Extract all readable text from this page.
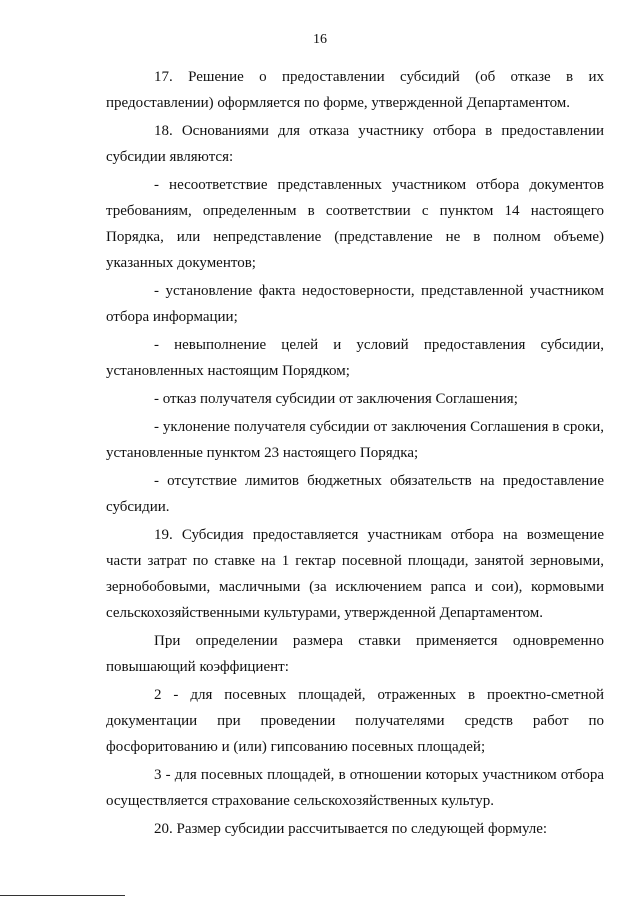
16

17. Решение о предоставлении субсидий (об отказе в их предоставлении) оформляется по форме, утвержденной Департаментом.

18. Основаниями для отказа участнику отбора в предоставлении субсидии являются:

- несоответствие представленных участником отбора документов требованиям, определенным в соответствии с пунктом 14 настоящего Порядка, или непредставление (представление не в полном объеме) указанных документов;

- установление факта недостоверности, представленной участником отбора информации;

- невыполнение целей и условий предоставления субсидии, установленных настоящим Порядком;

- отказ получателя субсидии от заключения Соглашения;

- уклонение получателя субсидии от заключения Соглашения в сроки, установленные пунктом 23 настоящего Порядка;

- отсутствие лимитов бюджетных обязательств на предоставление субсидии.

19. Субсидия предоставляется участникам отбора на возмещение части затрат по ставке на 1 гектар посевной площади, занятой зерновыми, зернобобовыми, масличными (за исключением рапса и сои), кормовыми сельскохозяйственными культурами, утвержденной Департаментом.

При определении размера ставки применяется одновременно повышающий коэффициент:

2 - для посевных площадей, отраженных в проектно-сметной документации при проведении получателями средств работ по фосфоритованию и (или) гипсованию посевных площадей;

3 - для посевных площадей, в отношении которых участником отбора осуществляется страхование сельскохозяйственных культур.

20. Размер субсидии рассчитывается по следующей формуле:
